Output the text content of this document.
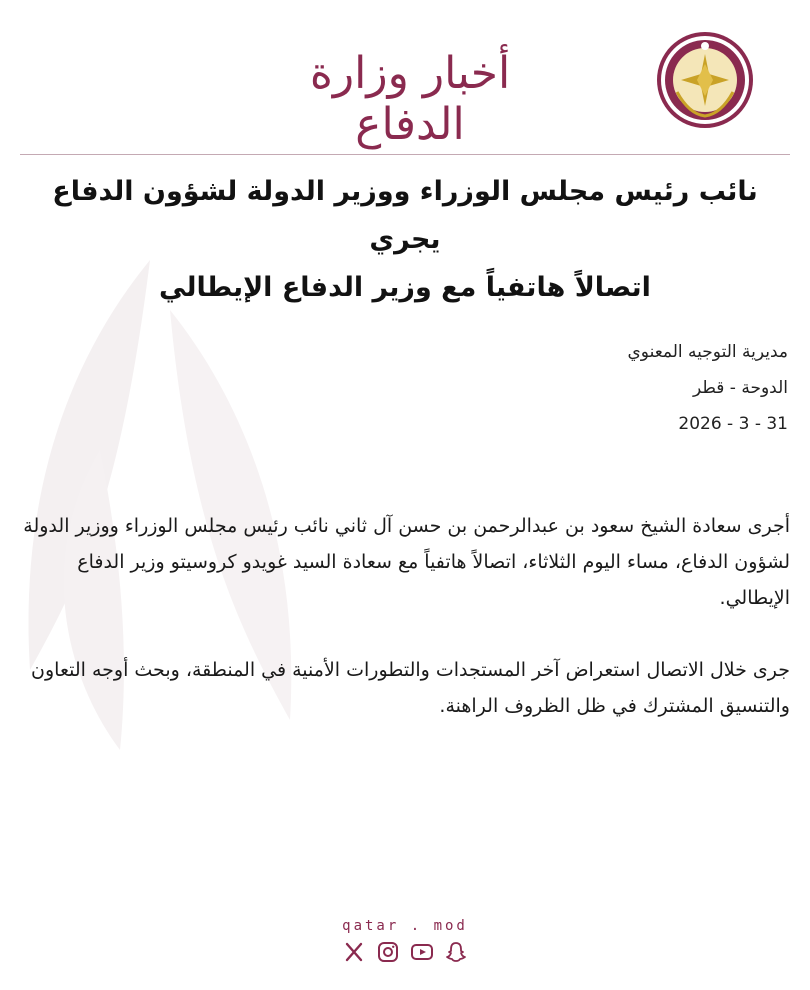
أخبار وزارة الدفاع
نائب رئيس مجلس الوزراء ووزير الدولة لشؤون الدفاع يجري
اتصالاً هاتفياً مع وزير الدفاع الإيطالي
مديرية التوجيه المعنوي
الدوحة - قطر
2026 - 3 - 31

أجرى سعادة الشيخ سعود بن عبدالرحمن بن حسن آل ثاني نائب رئيس مجلس الوزراء ووزير الدولة لشؤون الدفاع، مساء اليوم الثلاثاء، اتصالاً هاتفياً مع سعادة السيد غويدو كروسيتو وزير الدفاع الإيطالي.

جرى خلال الاتصال استعراض آخر المستجدات والتطورات الأمنية في المنطقة، وبحث أوجه التعاون والتنسيق المشترك في ظل الظروف الراهنة.

qatar . mod
